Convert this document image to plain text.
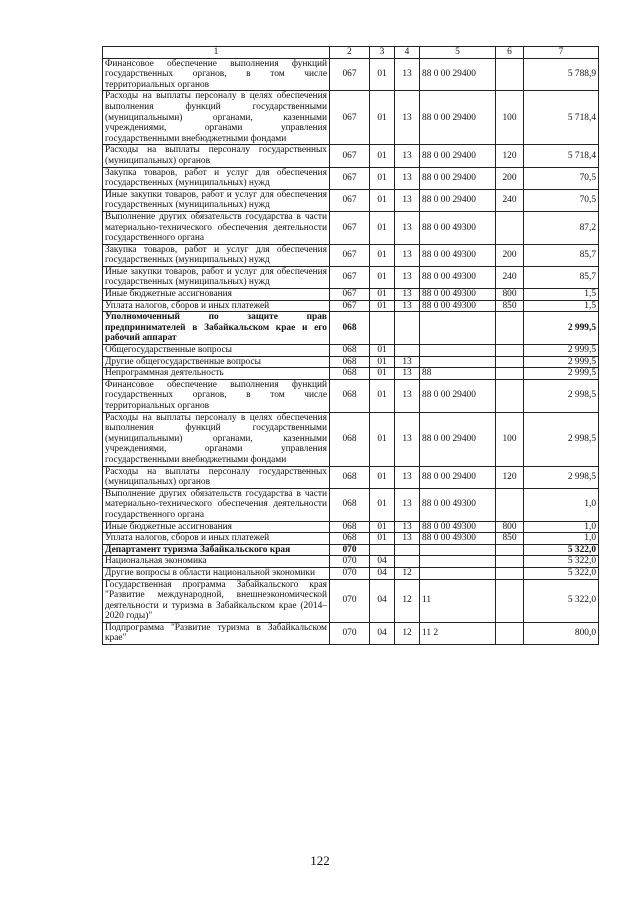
1	2	3	4	5	6	7
Финансовое обеспечение выполнения функций государственных органов, в том числе территориальных органов	067	01	13	88 0 00 29400		5 788,9
Расходы на выплаты персоналу в целях обеспечения выполнения функций государственными (муниципальными) органами, казенными учреждениями, органами управления государственными внебюджетными фондами	067	01	13	88 0 00 29400	100	5 718,4
Расходы на выплаты персоналу государственных (муниципальных) органов	067	01	13	88 0 00 29400	120	5 718,4
Закупка товаров, работ и услуг для обеспечения государственных (муниципальных) нужд	067	01	13	88 0 00 29400	200	70,5
Иные закупки товаров, работ и услуг для обеспечения государственных (муниципальных) нужд	067	01	13	88 0 00 29400	240	70,5
Выполнение других обязательств государства в части материально-технического обеспечения деятельности государственного органа	067	01	13	88 0 00 49300		87,2
Закупка товаров, работ и услуг для обеспечения государственных (муниципальных) нужд	067	01	13	88 0 00 49300	200	85,7
Иные закупки товаров, работ и услуг для обеспечения государственных (муниципальных) нужд	067	01	13	88 0 00 49300	240	85,7
Иные бюджетные ассигнования	067	01	13	88 0 00 49300	800	1,5
Уплата налогов, сборов и иных платежей	067	01	13	88 0 00 49300	850	1,5
Уполномоченный по защите прав предпринимателей в Забайкальском крае и его рабочий аппарат	068					2 999,5
Общегосударственные вопросы	068	01				2 999,5
Другие общегосударственные вопросы	068	01	13			2 999,5
Непрограммная деятельность	068	01	13	88		2 999,5
Финансовое обеспечение выполнения функций государственных органов, в том числе территориальных органов	068	01	13	88 0 00 29400		2 998,5
Расходы на выплаты персоналу в целях обеспечения выполнения функций государственными (муниципальными) органами, казенными учреждениями, органами управления государственными внебюджетными фондами	068	01	13	88 0 00 29400	100	2 998,5
Расходы на выплаты персоналу государственных (муниципальных) органов	068	01	13	88 0 00 29400	120	2 998,5
Выполнение других обязательств государства в части материально-технического обеспечения деятельности государственного органа	068	01	13	88 0 00 49300		1,0
Иные бюджетные ассигнования	068	01	13	88 0 00 49300	800	1,0
Уплата налогов, сборов и иных платежей	068	01	13	88 0 00 49300	850	1,0
Департамент туризма Забайкальского края	070					5 322,0
Национальная экономика	070	04				5 322,0
Другие вопросы в области национальной экономики	070	04	12			5 322,0
Государственная программа Забайкальского края "Развитие международной, внешнеэкономической деятельности и туризма в Забайкальском крае (2014–2020 годы)"	070	04	12	11		5 322,0
Подпрограмма "Развитие туризма в Забайкальском крае"	070	04	12	11 2		800,0
122
